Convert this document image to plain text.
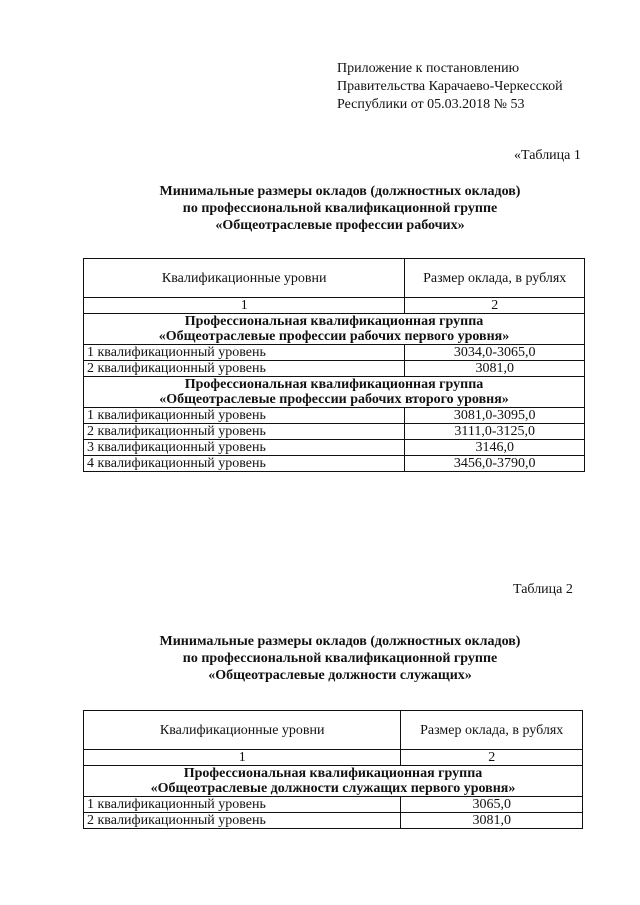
Приложение к постановлению
Правительства Карачаево-Черкесской
Республики от 05.03.2018 № 53
«Таблица 1
Минимальные размеры окладов (должностных окладов)
по профессиональной квалификационной группе
«Общеотраслевые профессии рабочих»
Квалификационные уровни	Размер оклада, в рублях
1	2

Профессиональная квалификационная группа
«Общеотраслевые профессии рабочих первого уровня»	

1 квалификационный уровень	3034,0-3065,0
2 квалификационный уровень	3081,0

Профессиональная квалификационная группа
«Общеотраслевые профессии рабочих второго уровня»	

1 квалификационный уровень	3081,0-3095,0
2 квалификационный уровень	3111,0-3125,0
3 квалификационный уровень	3146,0
4 квалификационный уровень	3456,0-3790,0
Таблица 2
Минимальные размеры окладов (должностных окладов)
по профессиональной квалификационной группе
«Общеотраслевые должности служащих»
Квалификационные уровни	Размер оклада, в рублях
1	2

Профессиональная квалификационная группа
«Общеотраслевые должности служащих первого уровня»	

1 квалификационный уровень	3065,0
2 квалификационный уровень	3081,0
